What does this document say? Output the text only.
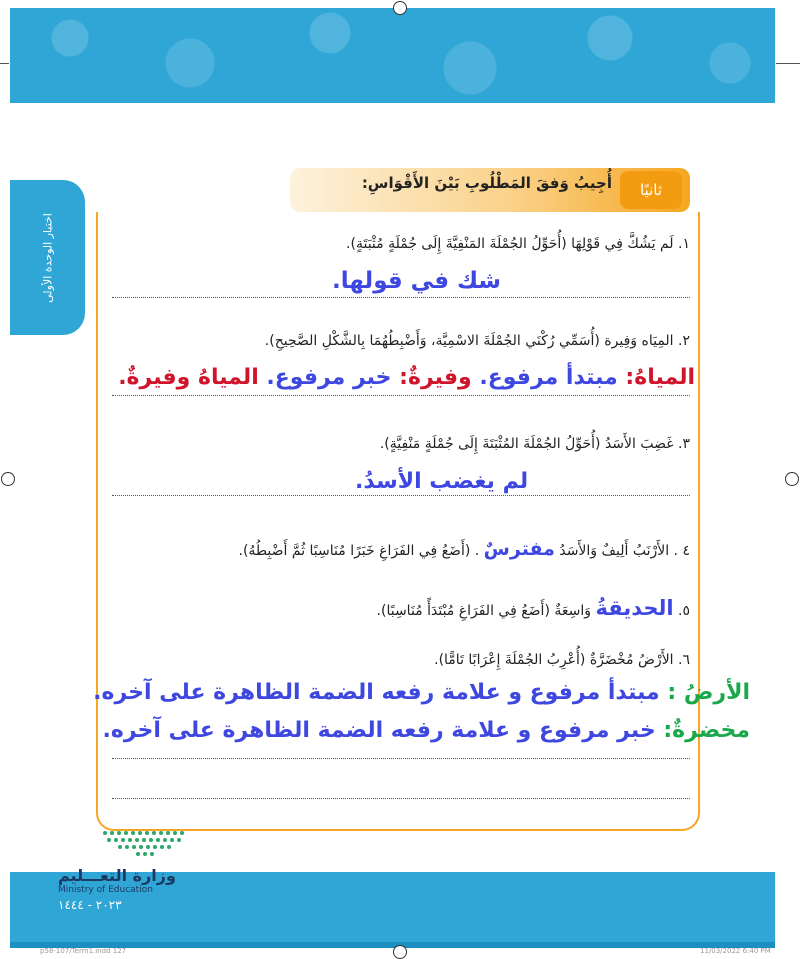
اختبار الوحدة الأولى
ثانيًا
أُجِيبُ وَفقَ المَطْلُوبِ بَيْنَ الأَقْوَاسِ:
١. لَم يَشُكَّ فِي قَوْلِهَا (أُحَوِّلُ الجُمْلَةَ المَنْفِيَّةَ إِلَى جُمْلَةٍ مُثْبَتَةٍ).
شك في قولها.
٢. المِيَاه وَفِيرة (أُسَمِّي رُكْنَي الجُمْلَةَ الاسْمِيَّة، وَأَضْبِطُهُمَا بِالشَّكْلِ الصَّحِيحِ).
المياهُ: مبتدأ مرفوع. وفيرةٌ: خبر مرفوع. المياهُ وفيرةٌ.
٣. غَضِبَ الأَسَدُ (أُحَوِّلُ الجُمْلَةَ المُثْبَتَةَ إِلَى جُمْلَةٍ مَنْفِيَّةٍ).
لم يغضب الأسدُ.
٤ . الأَرْنَبُ أَلِيفٌ وَالأَسَدُ مفترسٌ . (أَضَعُ فِي الفَرَاغِ خَبَرًا مُنَاسِبًا ثُمَّ أَضْبِطُهُ).
٥. الحديقةُ وَاسِعَةٌ (أَضَعُ فِي الفَرَاغِ مُبْتَدَأً مُنَاسِبًا).
٦. الأَرْضُ مُخْضَرَّةٌ (أُعْرِبُ الجُمْلَةَ إِعْرَابًا تَامًّا).
الأرضُ : مبتدأ مرفوع و علامة رفعه الضمة الظاهرة على آخره.
مخضرةٌ: خبر مرفوع و علامة رفعه الضمة الظاهرة على آخره.
وزارة التعـــليم
Ministry of Education
٢٠٢٣ - ١٤٤٤
p58-107/Term1.indd 127	11/03/2022 6:40 PM
